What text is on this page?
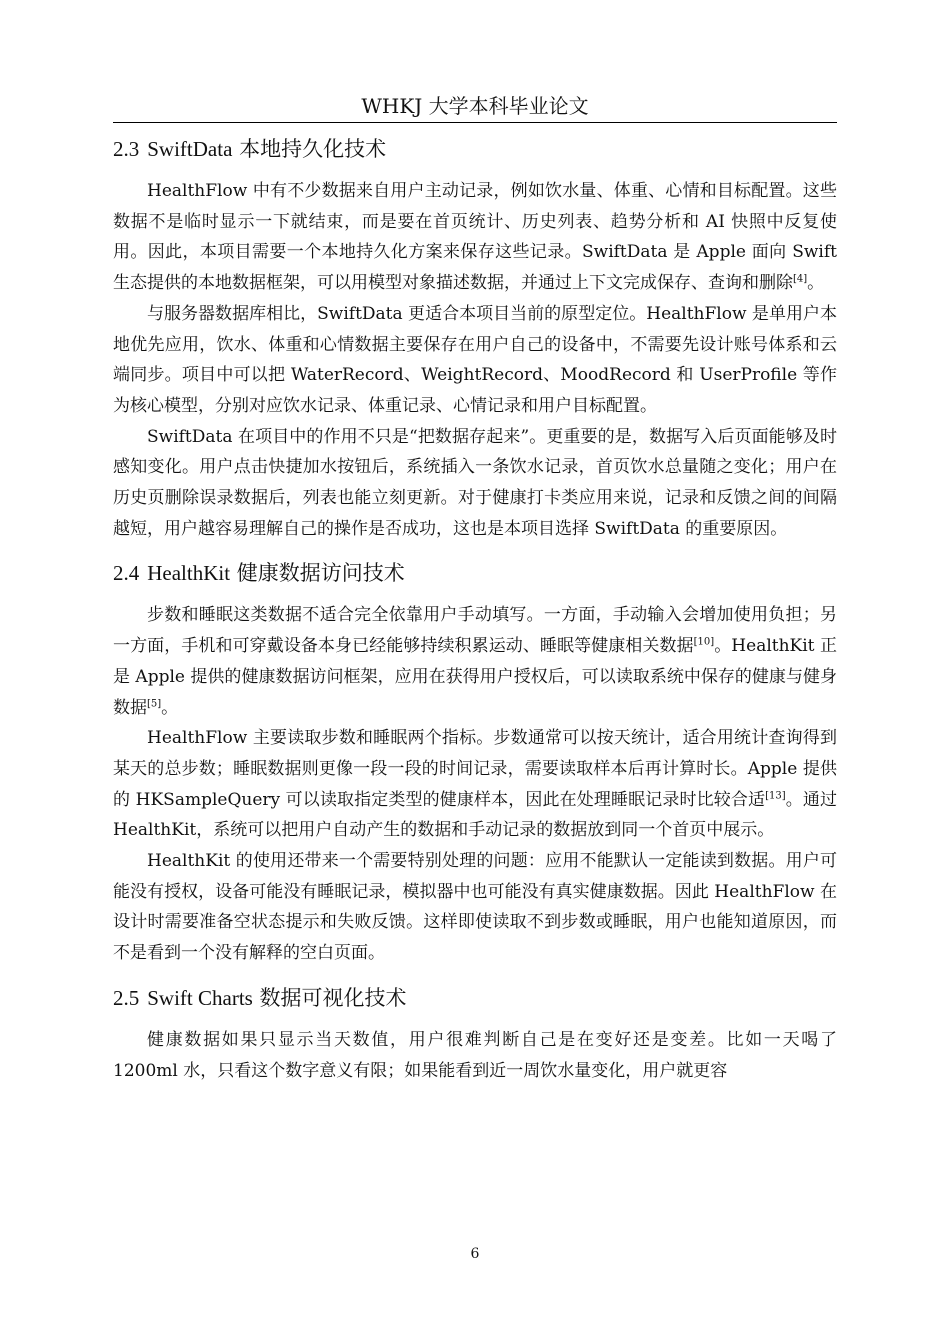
WHKJ 大学本科毕业论文
2.3 SwiftData 本地持久化技术

HealthFlow 中有不少数据来自用户主动记录，例如饮水量、体重、心情和目标配置。这些数据不是临时显示一下就结束，而是要在首页统计、历史列表、趋势分析和 AI 快照中反复使用。因此，本项目需要一个本地持久化方案来保存这些记录。SwiftData 是 Apple 面向 Swift 生态提供的本地数据框架，可以用模型对象描述数据，并通过上下文完成保存、查询和删除[4]。

与服务器数据库相比，SwiftData 更适合本项目当前的原型定位。HealthFlow 是单用户本地优先应用，饮水、体重和心情数据主要保存在用户自己的设备中，不需要先设计账号体系和云端同步。项目中可以把 WaterRecord、WeightRecord、MoodRecord 和 UserProfile 等作为核心模型，分别对应饮水记录、体重记录、心情记录和用户目标配置。

SwiftData 在项目中的作用不只是“把数据存起来”。更重要的是，数据写入后页面能够及时感知变化。用户点击快捷加水按钮后，系统插入一条饮水记录，首页饮水总量随之变化；用户在历史页删除误录数据后，列表也能立刻更新。对于健康打卡类应用来说，记录和反馈之间的间隔越短，用户越容易理解自己的操作是否成功，这也是本项目选择 SwiftData 的重要原因。

2.4 HealthKit 健康数据访问技术

步数和睡眠这类数据不适合完全依靠用户手动填写。一方面，手动输入会增加使用负担；另一方面，手机和可穿戴设备本身已经能够持续积累运动、睡眠等健康相关数据[10]。HealthKit 正是 Apple 提供的健康数据访问框架，应用在获得用户授权后，可以读取系统中保存的健康与健身数据[5]。

HealthFlow 主要读取步数和睡眠两个指标。步数通常可以按天统计，适合用统计查询得到某天的总步数；睡眠数据则更像一段一段的时间记录，需要读取样本后再计算时长。Apple 提供的 HKSampleQuery 可以读取指定类型的健康样本，因此在处理睡眠记录时比较合适[13]。通过 HealthKit，系统可以把用户自动产生的数据和手动记录的数据放到同一个首页中展示。

HealthKit 的使用还带来一个需要特别处理的问题：应用不能默认一定能读到数据。用户可能没有授权，设备可能没有睡眠记录，模拟器中也可能没有真实健康数据。因此 HealthFlow 在设计时需要准备空状态提示和失败反馈。这样即使读取不到步数或睡眠，用户也能知道原因，而不是看到一个没有解释的空白页面。

2.5 Swift Charts 数据可视化技术

健康数据如果只显示当天数值，用户很难判断自己是在变好还是变差。比如一天喝了 1200ml 水，只看这个数字意义有限；如果能看到近一周饮水量变化，用户就更容

6
